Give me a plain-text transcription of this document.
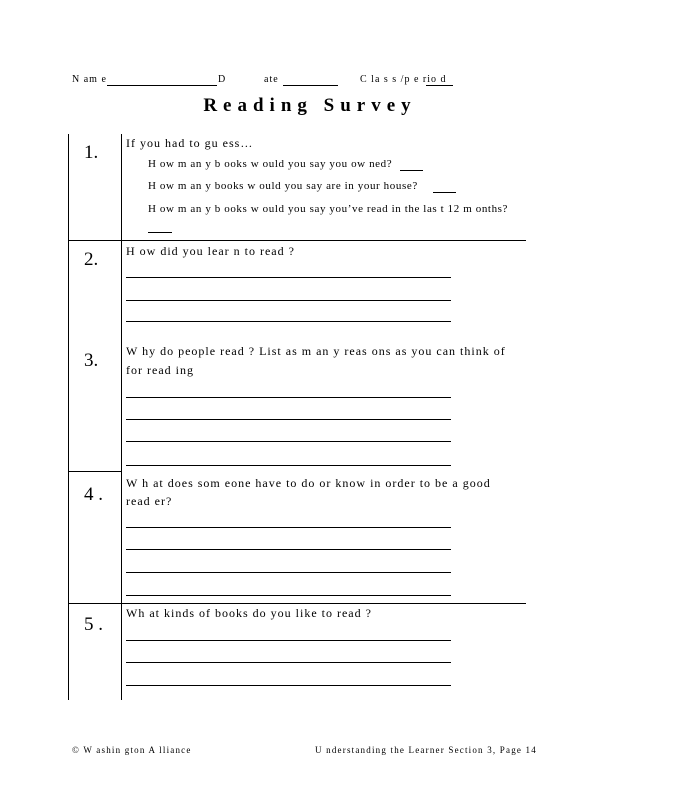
N am e	D	ate	C la s s /p e rio d
Reading Survey
1. If you had to gu ess…
H ow m an y b ooks w ould you say you ow ned?
H ow m an y books w ould you say are in your house?
H ow m an y b ooks w ould you say you’ve read in the las t 12 m onths?
2. H ow did you lear n to read ?
3. W hy do people read ? List as m an y reas ons as you can think of
for read ing
4 .
W h at does som eone have to do or know in order to be a good
read er?
5 .
Wh at kinds of books do you like to read ?
© W ashin gton A lliance	U nderstanding the Learner Section 3, Page 14
